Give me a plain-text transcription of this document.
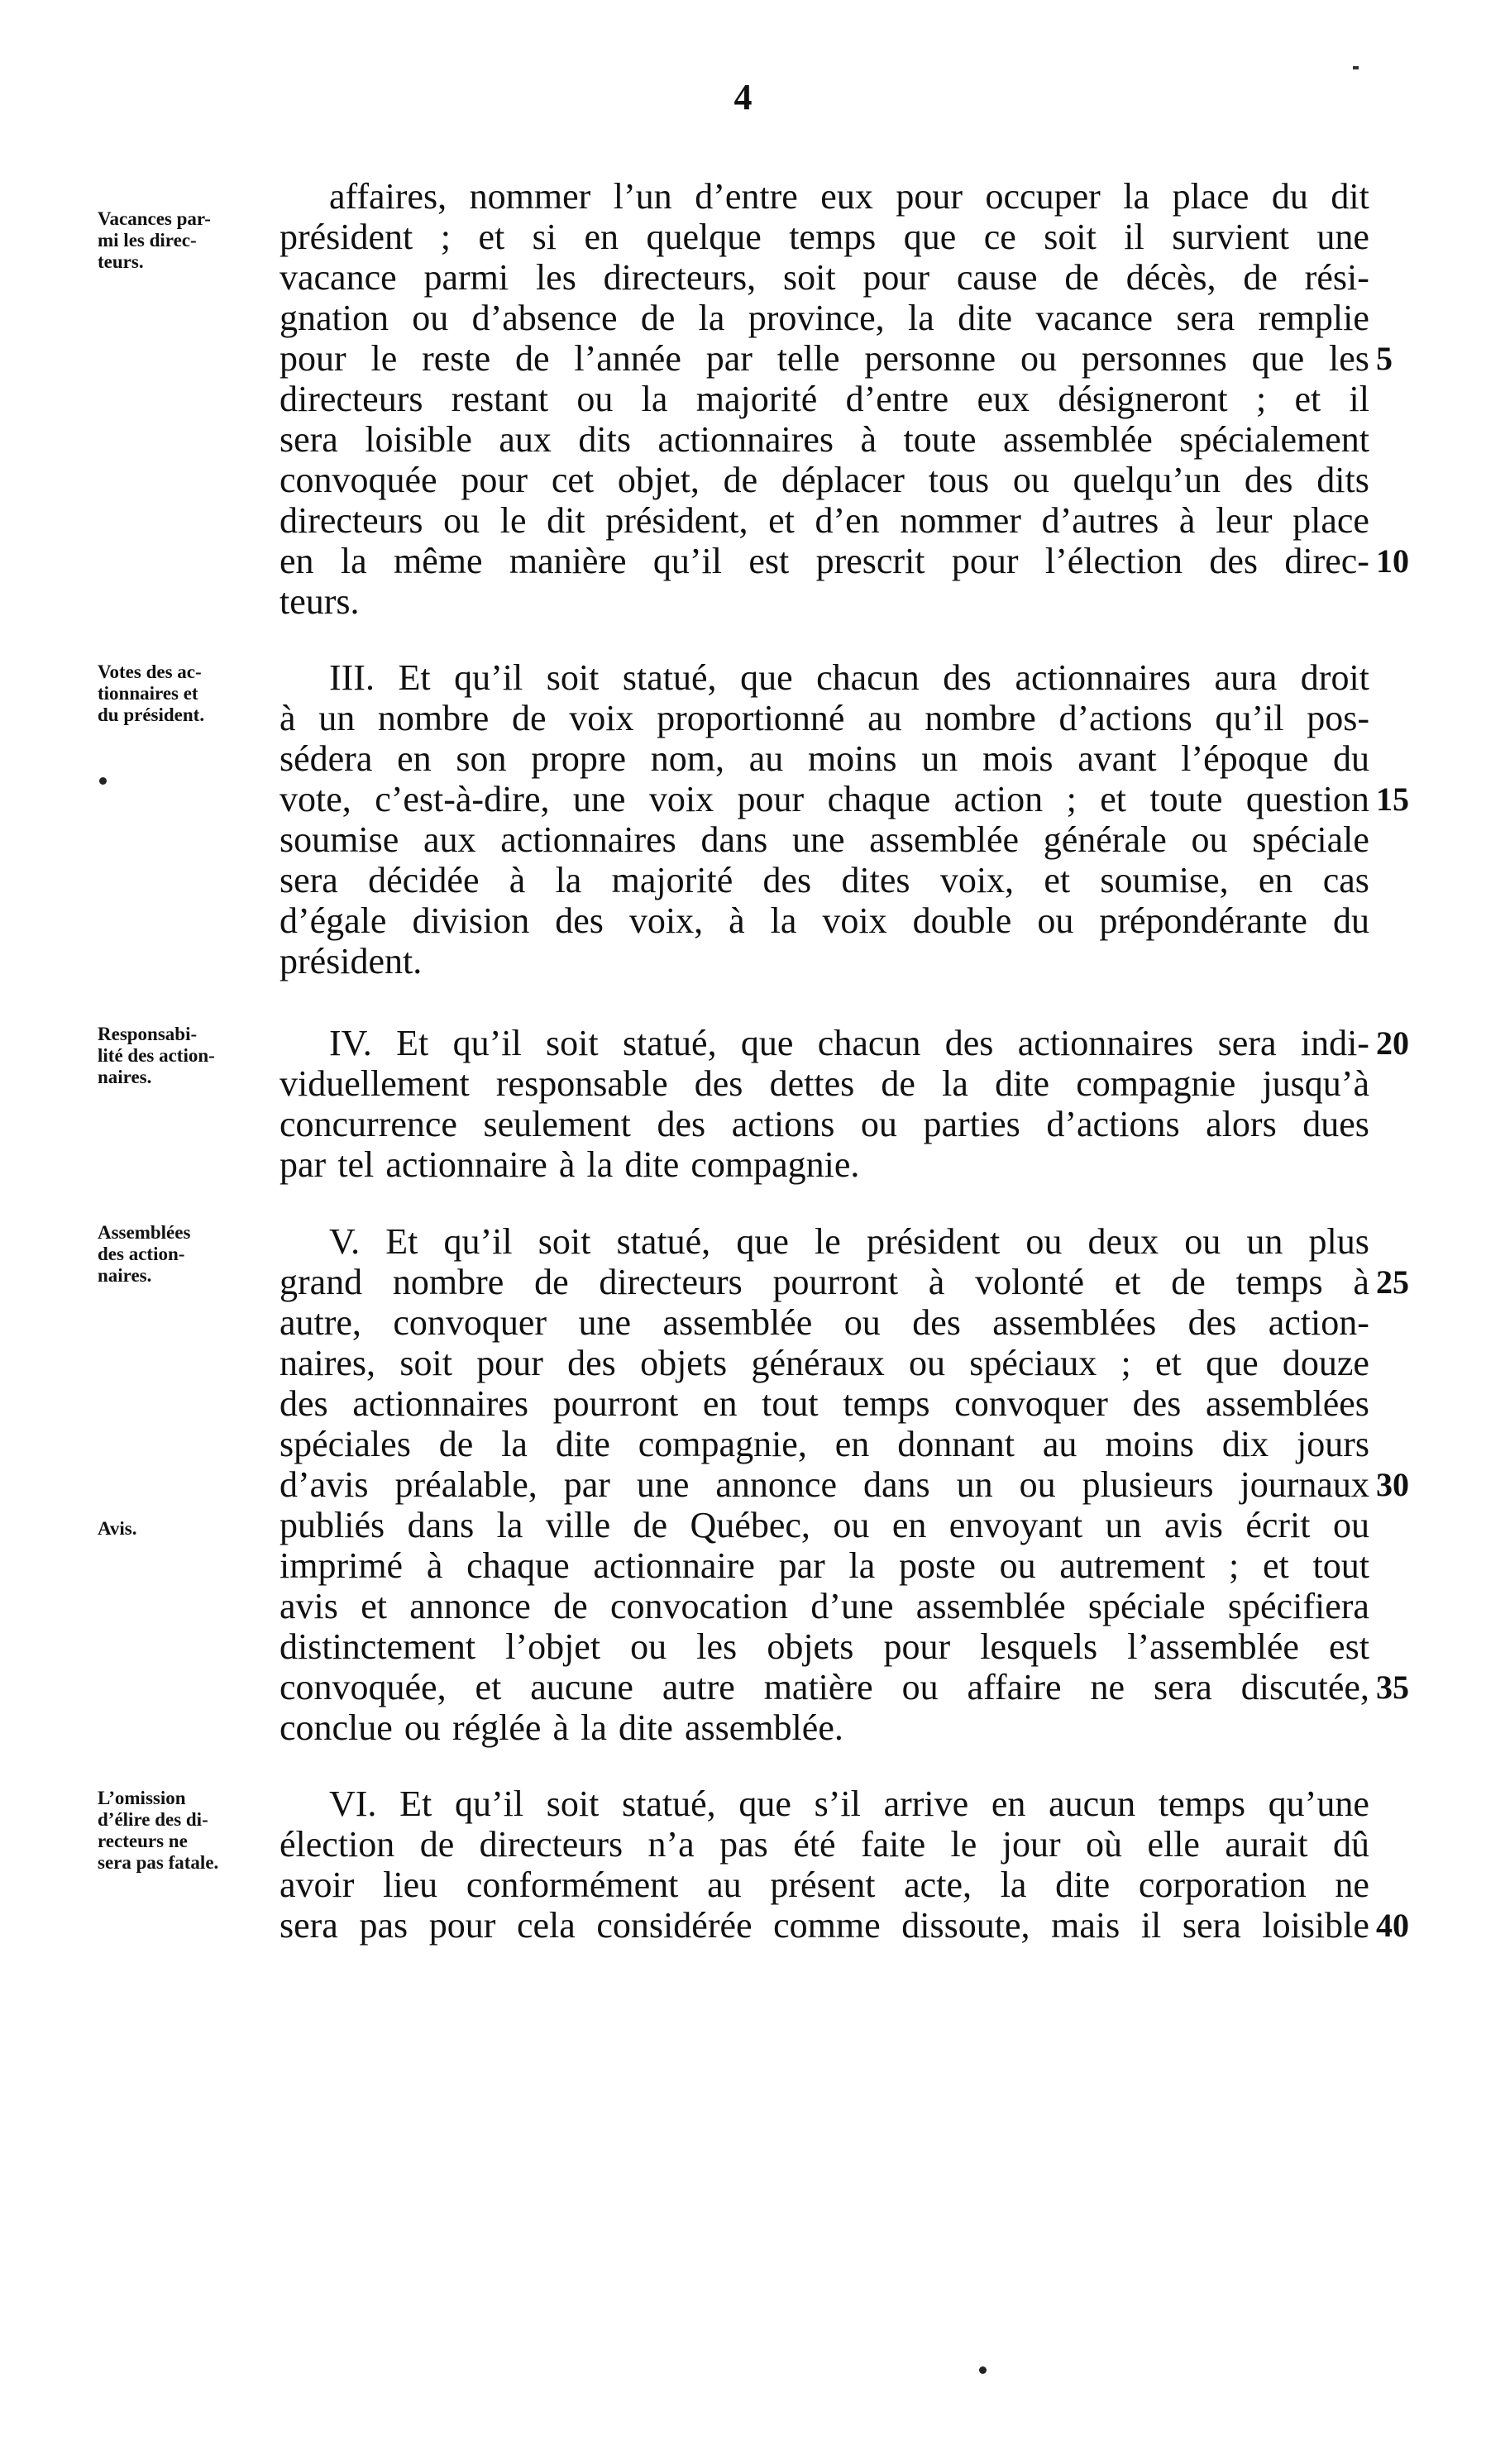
4
affaires, nommer l’un d’entre eux pour occuper la place du dit
président ; et si en quelque temps que ce soit il survient une
vacance parmi les directeurs, soit pour cause de décès, de rési-
gnation ou d’absence de la province, la dite vacance sera remplie
pour le reste de l’année par telle personne ou personnes que les
directeurs restant ou la majorité d’entre eux désigneront ; et il
sera loisible aux dits actionnaires à toute assemblée spécialement
convoquée pour cet objet, de déplacer tous ou quelqu’un des dits
directeurs ou le dit président, et d’en nommer d’autres à leur place
en la même manière qu’il est prescrit pour l’élection des direc-
teurs.
III. Et qu’il soit statué, que chacun des actionnaires aura droit
à un nombre de voix proportionné au nombre d’actions qu’il pos-
sédera en son propre nom, au moins un mois avant l’époque du
vote, c’est-à-dire, une voix pour chaque action ; et toute question
soumise aux actionnaires dans une assemblée générale ou spéciale
sera décidée à la majorité des dites voix, et soumise, en cas
d’égale division des voix, à la voix double ou prépondérante du
président.
IV. Et qu’il soit statué, que chacun des actionnaires sera indi-
viduellement responsable des dettes de la dite compagnie jusqu’à
concurrence seulement des actions ou parties d’actions alors dues
par tel actionnaire à la dite compagnie.
V. Et qu’il soit statué, que le président ou deux ou un plus
grand nombre de directeurs pourront à volonté et de temps à
autre, convoquer une assemblée ou des assemblées des action-
naires, soit pour des objets généraux ou spéciaux ; et que douze
des actionnaires pourront en tout temps convoquer des assemblées
spéciales de la dite compagnie, en donnant au moins dix jours
d’avis préalable, par une annonce dans un ou plusieurs journaux
publiés dans la ville de Québec, ou en envoyant un avis écrit ou
imprimé à chaque actionnaire par la poste ou autrement ; et tout
avis et annonce de convocation d’une assemblée spéciale spécifiera
distinctement l’objet ou les objets pour lesquels l’assemblée est
convoquée, et aucune autre matière ou affaire ne sera discutée,
conclue ou réglée à la dite assemblée.
VI. Et qu’il soit statué, que s’il arrive en aucun temps qu’une
élection de directeurs n’a pas été faite le jour où elle aurait dû
avoir lieu conformément au présent acte, la dite corporation ne
sera pas pour cela considérée comme dissoute, mais il sera loisible
Vacances par-
mi les direc-
teurs.
Votes des ac-
tionnaires et
du président.
Responsabi-
lité des action-
naires.
Assemblées
des action-
naires.
Avis.
L’omission
d’élire des di-
recteurs ne
sera pas fatale.
5
10
15
20
25
30
35
40
